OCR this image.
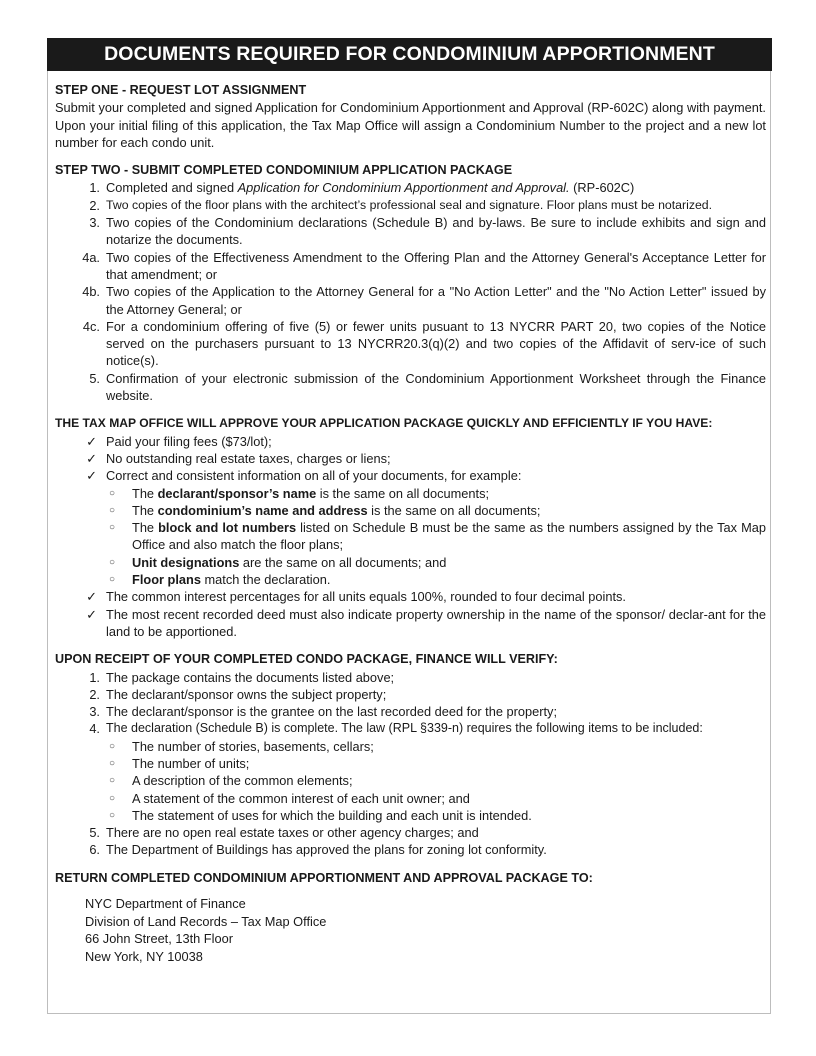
DOCUMENTS REQUIRED FOR CONDOMINIUM APPORTIONMENT
STEP ONE - REQUEST LOT ASSIGNMENT
Submit your completed and signed Application for Condominium Apportionment and Approval (RP-602C) along with payment. Upon your initial filing of this application, the Tax Map Office will assign a Condominium Number to the project and a new lot number for each condo unit.
STEP TWO - SUBMIT COMPLETED CONDOMINIUM APPLICATION PACKAGE
1. Completed and signed Application for Condominium Apportionment and Approval. (RP-602C)
2. Two copies of the floor plans with the architect’s professional seal and signature. Floor plans must be notarized.
3. Two copies of the Condominium declarations (Schedule B) and by-laws. Be sure to include exhibits and sign and notarize the documents.
4a. Two copies of the Effectiveness Amendment to the Offering Plan and the Attorney General's Acceptance Letter for that amendment; or
4b. Two copies of the Application to the Attorney General for a "No Action Letter" and the "No Action Letter" issued by the Attorney General; or
4c. For a condominium offering of five (5) or fewer units pusuant to 13 NYCRR PART 20, two copies of the Notice served on the purchasers pursuant to 13 NYCRR20.3(q)(2) and two copies of the Affidavit of serv-ice of such notice(s).
5. Confirmation of your electronic submission of the Condominium Apportionment Worksheet through the Finance website.
THE TAX MAP OFFICE WILL APPROVE YOUR APPLICATION PACKAGE QUICKLY AND EFFICIENTLY IF YOU HAVE:
✓ Paid your filing fees ($73/lot);
✓ No outstanding real estate taxes, charges or liens;
✓ Correct and consistent information on all of your documents, for example:
○	The declarant/sponsor’s name is the same on all documents;
○	The condominium’s name and address is the same on all documents;
○	The block and lot numbers listed on Schedule B must be the same as the numbers assigned by the Tax Map Office and also match the floor plans;
○	Unit designations are the same on all documents; and
○	Floor plans match the declaration.
✓ The common interest percentages for all units equals 100%, rounded to four decimal points.
✓ The most recent recorded deed must also indicate property ownership in the name of the sponsor/ declar-ant for the land to be apportioned.
UPON RECEIPT OF YOUR COMPLETED CONDO PACKAGE, FINANCE WILL VERIFY:
1. The package contains the documents listed above;
2. The declarant/sponsor owns the subject property;
3. The declarant/sponsor is the grantee on the last recorded deed for the property;
4. The declaration (Schedule B) is complete. The law (RPL §339-n) requires the following items to be included:
○	The number of stories, basements, cellars;
○	The number of units;
○	A description of the common elements;
○	A statement of the common interest of each unit owner; and
○	The statement of uses for which the building and each unit is intended.
5. There are no open real estate taxes or other agency charges; and
6. The Department of Buildings has approved the plans for zoning lot conformity.
RETURN COMPLETED CONDOMINIUM APPORTIONMENT AND APPROVAL PACKAGE TO:
NYC Department of Finance
Division of Land Records – Tax Map Office
66 John Street, 13th Floor
New York, NY 10038
